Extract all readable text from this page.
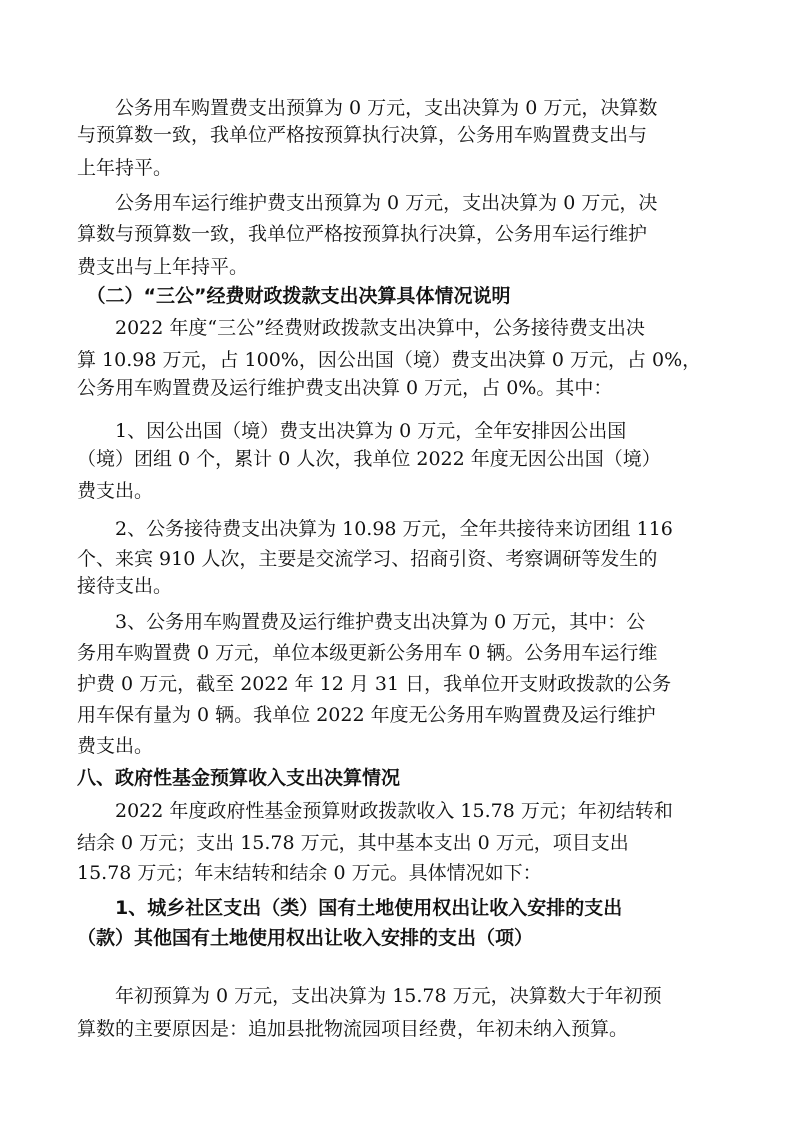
　　公务用车购置费支出预算为 0 万元，支出决算为 0 万元，决算数
与预算数一致，我单位严格按预算执行决算，公务用车购置费支出与
上年持平。
　　公务用车运行维护费支出预算为 0 万元，支出决算为 0 万元，决
算数与预算数一致，我单位严格按预算执行决算，公务用车运行维护
费支出与上年持平。
　（二）“三公”经费财政拨款支出决算具体情况说明
　　2022 年度“三公”经费财政拨款支出决算中，公务接待费支出决
算 10.98 万元，占 100%，因公出国（境）费支出决算 0 万元，占 0%，
公务用车购置费及运行维护费支出决算 0 万元，占 0%。其中：
　　1、因公出国（境）费支出决算为 0 万元，全年安排因公出国
（境）团组 0 个，累计 0 人次，我单位 2022 年度无因公出国（境）
费支出。
　　2、公务接待费支出决算为 10.98 万元，全年共接待来访团组 116
个、来宾 910 人次，主要是交流学习、招商引资、考察调研等发生的
接待支出。
　　3、公务用车购置费及运行维护费支出决算为 0 万元，其中：公
务用车购置费 0 万元，单位本级更新公务用车 0 辆。公务用车运行维
护费 0 万元，截至 2022 年 12 月 31 日，我单位开支财政拨款的公务
用车保有量为 0 辆。我单位 2022 年度无公务用车购置费及运行维护
费支出。
八、政府性基金预算收入支出决算情况
　　2022 年度政府性基金预算财政拨款收入 15.78 万元；年初结转和
结余 0 万元；支出 15.78 万元，其中基本支出 0 万元，项目支出
15.78 万元；年末结转和结余 0 万元。具体情况如下：
　　1、城乡社区支出（类）国有土地使用权出让收入安排的支出
（款）其他国有土地使用权出让收入安排的支出（项）
　　年初预算为 0 万元，支出决算为 15.78 万元，决算数大于年初预
算数的主要原因是：追加县批物流园项目经费，年初未纳入预算。
